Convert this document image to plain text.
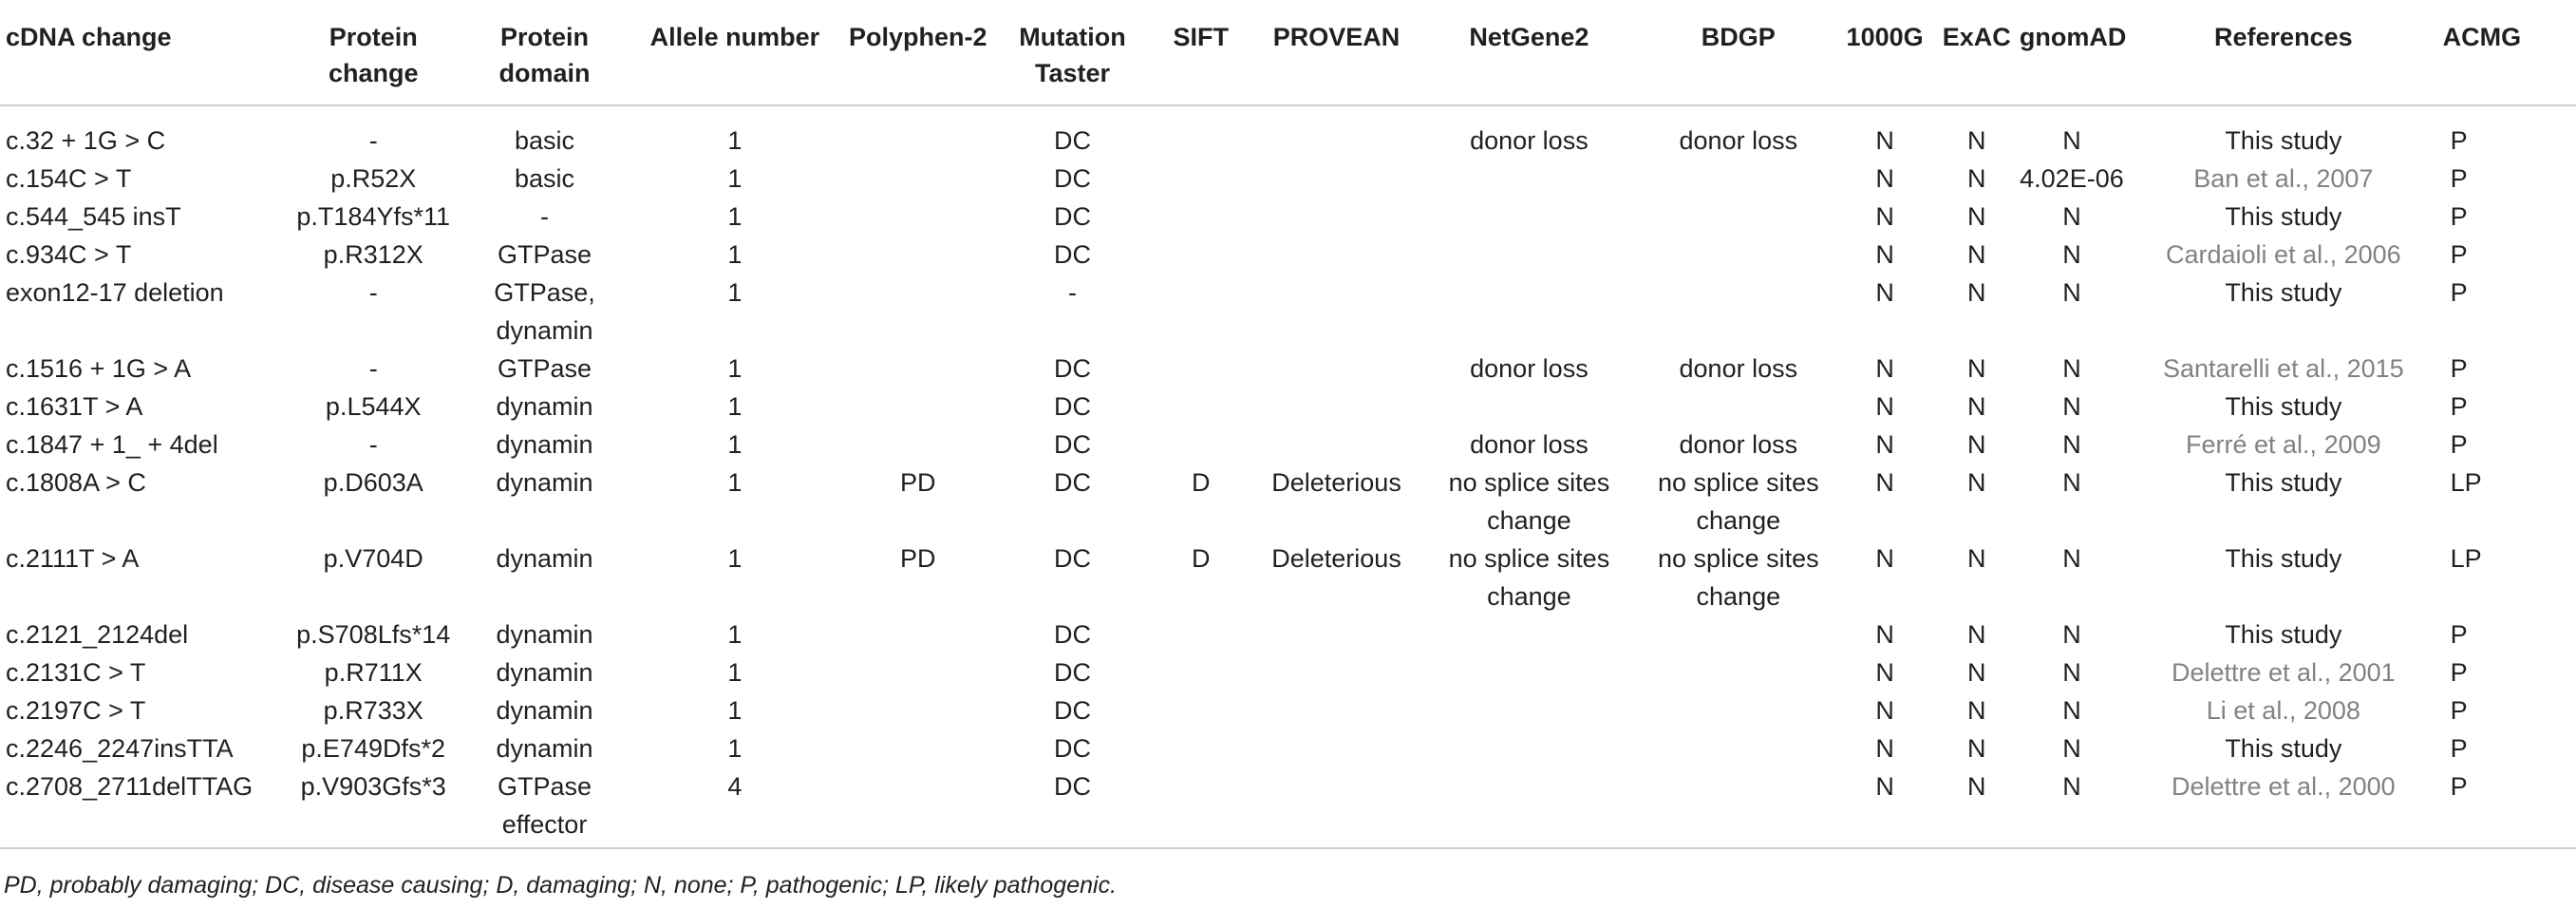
cDNA change	Protein change	Protein domain	Allele number	Polyphen-2	Mutation Taster	SIFT	PROVEAN	NetGene2	BDGP	1000G	ExAC	gnomAD	References	ACMG
c.32 + 1G > C	-	basic	1		DC			donor loss	donor loss	N	N	N	This study	P
c.154C > T	p.R52X	basic	1		DC					N	N	4.02E-06	Ban et al., 2007	P
c.544_545 insT	p.T184Yfs*11	-	1		DC					N	N	N	This study	P
c.934C > T	p.R312X	GTPase	1		DC					N	N	N	Cardaioli et al., 2006	P
exon12-17 deletion	-	GTPase, dynamin	1		-					N	N	N	This study	P
c.1516 + 1G > A	-	GTPase	1		DC			donor loss	donor loss	N	N	N	Santarelli et al., 2015	P
c.1631T > A	p.L544X	dynamin	1		DC					N	N	N	This study	P
c.1847 + 1_ + 4del	-	dynamin	1		DC			donor loss	donor loss	N	N	N	Ferré et al., 2009	P
c.1808A > C	p.D603A	dynamin	1	PD	DC	D	Deleterious	no splice sites change	no splice sites change	N	N	N	This study	LP
c.2111T > A	p.V704D	dynamin	1	PD	DC	D	Deleterious	no splice sites change	no splice sites change	N	N	N	This study	LP
c.2121_2124del	p.S708Lfs*14	dynamin	1		DC					N	N	N	This study	P
c.2131C > T	p.R711X	dynamin	1		DC					N	N	N	Delettre et al., 2001	P
c.2197C > T	p.R733X	dynamin	1		DC					N	N	N	Li et al., 2008	P
c.2246_2247insTTA	p.E749Dfs*2	dynamin	1		DC					N	N	N	This study	P
c.2708_2711delTTAG	p.V903Gfs*3	GTPase effector	4		DC					N	N	N	Delettre et al., 2000	P
PD, probably damaging; DC, disease causing; D, damaging; N, none; P, pathogenic; LP, likely pathogenic.
